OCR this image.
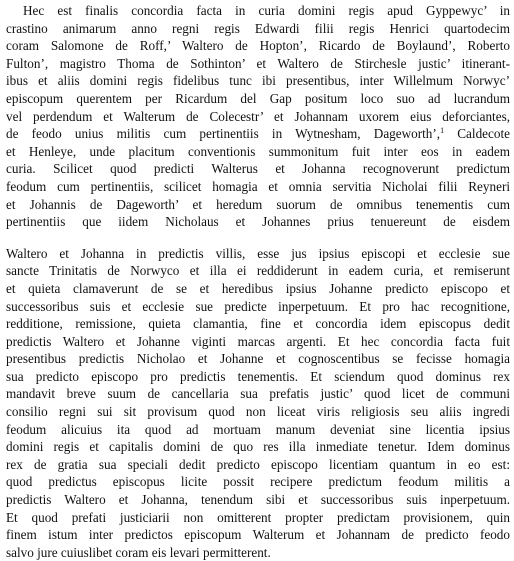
Hec est finalis concordia facta in curia domini regis apud Gyppewyc’ in
crastino animarum anno regni regis Edwardi filii regis Henrici quartodecim
coram Salomone de Roff,’ Waltero de Hopton’, Ricardo de Boylaund’, Roberto
Fulton’, magistro Thoma de Sothinton’ et Waltero de Stirchesle justic’ itinerant-
ibus et aliis domini regis fidelibus tunc ibi presentibus, inter Willelmum Norwyc’
episcopum querentem per Ricardum del Gap positum loco suo ad lucrandum
vel perdendum et Walterum de Colecestr’ et Johannam uxorem eius deforciantes,
de feodo unius militis cum pertinentiis in Wytnesham, Dageworth’,$^1$ Caldecote
et Henleye, unde placitum conventionis summonitum fuit inter eos in eadem
curia. Scilicet quod predicti Walterus et Johanna recognoverunt predictum
feodum cum pertinentiis, scilicet homagia et omnia servitia Nicholai filii Reyneri
et Johannis de Dageworth’ et heredum suorum de omnibus tenementis cum
pertinentiis que iidem Nicholaus et Johannes prius tenuereunt de eisdem
Waltero et Johanna in predictis villis, esse jus ipsius episcopi et ecclesie sue
sancte Trinitatis de Norwyco et illa ei reddiderunt in eadem curia, et remiserunt
et quieta clamaverunt de se et heredibus ipsius Johanne predicto episcopo et
successoribus suis et ecclesie sue predicte inperpetuum. Et pro hac recognitione,
redditione, remissione, quieta clamantia, fine et concordia idem episcopus dedit
predictis Waltero et Johanne viginti marcas argenti. Et hec concordia facta fuit
presentibus predictis Nicholao et Johanne et cognoscentibus se fecisse homagia
sua predicto episcopo pro predictis tenementis. Et sciendum quod dominus rex
mandavit breve suum de cancellaria sua prefatis justic’ quod licet de communi
consilio regni sui sit provisum quod non liceat viris religiosis seu aliis ingredi
feodum alicuius ita quod ad mortuam manum deveniat sine licentia ipsius
domini regis et capitalis domini de quo res illa inmediate tenetur. Idem dominus
rex de gratia sua speciali dedit predicto episcopo licentiam quantum in eo est:
quod predictus episcopus licite possit recipere predictum feodum militis a
predictis Waltero et Johanna, tenendum sibi et successoribus suis inperpetuum.
Et quod prefati justiciarii non omitterent propter predictam provisionem, quin
finem istum inter predictos episcopum Walterum et Johannam de predicto feodo
salvo jure cuiuslibet coram eis levari permitterent.
